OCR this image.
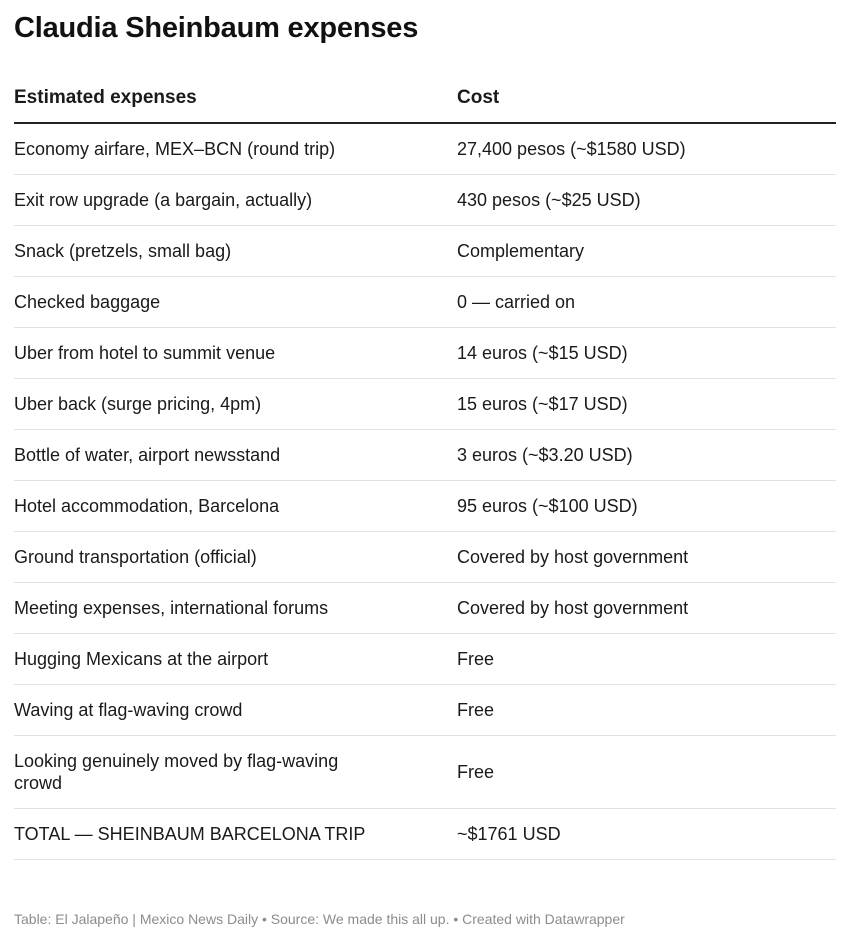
Claudia Sheinbaum expenses
Estimated expenses	Cost
Economy airfare, MEX–BCN (round trip)	27,400 pesos (~$1580 USD)
Exit row upgrade (a bargain, actually)	430 pesos (~$25 USD)
Snack (pretzels, small bag)	Complementary
Checked baggage	0 — carried on
Uber from hotel to summit venue	14 euros (~$15 USD)
Uber back (surge pricing, 4pm)	15 euros (~$17 USD)
Bottle of water, airport newsstand	3 euros (~$3.20 USD)
Hotel accommodation, Barcelona	95 euros (~$100 USD)
Ground transportation (official)	Covered by host government
Meeting expenses, international forums	Covered by host government
Hugging Mexicans at the airport	Free
Waving at flag-waving crowd	Free
Looking genuinely moved by flag-waving crowd	Free
TOTAL — SHEINBAUM BARCELONA TRIP	~$1761 USD
Table: El Jalapeño | Mexico News Daily • Source: We made this all up. • Created with Datawrapper
